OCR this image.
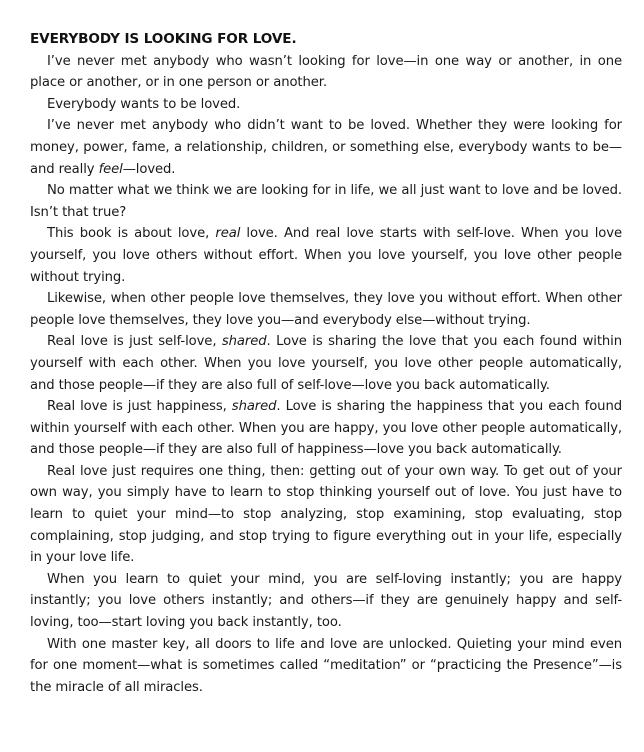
EVERYBODY IS LOOKING FOR LOVE.

I’ve never met anybody who wasn’t looking for love—in one way or another, in one place or another, or in one person or another.

Everybody wants to be loved.

I’ve never met anybody who didn’t want to be loved. Whether they were looking for money, power, fame, a relationship, children, or something else, everybody wants to be—and really feel—loved.

No matter what we think we are looking for in life, we all just want to love and be loved. Isn’t that true?

This book is about love, real love. And real love starts with self-love. When you love yourself, you love others without effort. When you love yourself, you love other people without trying.

Likewise, when other people love themselves, they love you without effort. When other people love themselves, they love you—and everybody else—without trying.

Real love is just self-love, shared. Love is sharing the love that you each found within yourself with each other. When you love yourself, you love other people automatically, and those people—if they are also full of self-love—love you back automatically.

Real love is just happiness, shared. Love is sharing the happiness that you each found within yourself with each other. When you are happy, you love other people automatically, and those people—if they are also full of happiness—love you back automatically.

Real love just requires one thing, then: getting out of your own way. To get out of your own way, you simply have to learn to stop thinking yourself out of love. You just have to learn to quiet your mind—to stop analyzing, stop examining, stop evaluating, stop complaining, stop judging, and stop trying to figure everything out in your life, especially in your love life.

When you learn to quiet your mind, you are self-loving instantly; you are happy instantly; you love others instantly; and others—if they are genuinely happy and self-loving, too—start loving you back instantly, too.

With one master key, all doors to life and love are unlocked. Quieting your mind even for one moment—what is sometimes called “meditation” or “practicing the Presence”—is the miracle of all miracles.
